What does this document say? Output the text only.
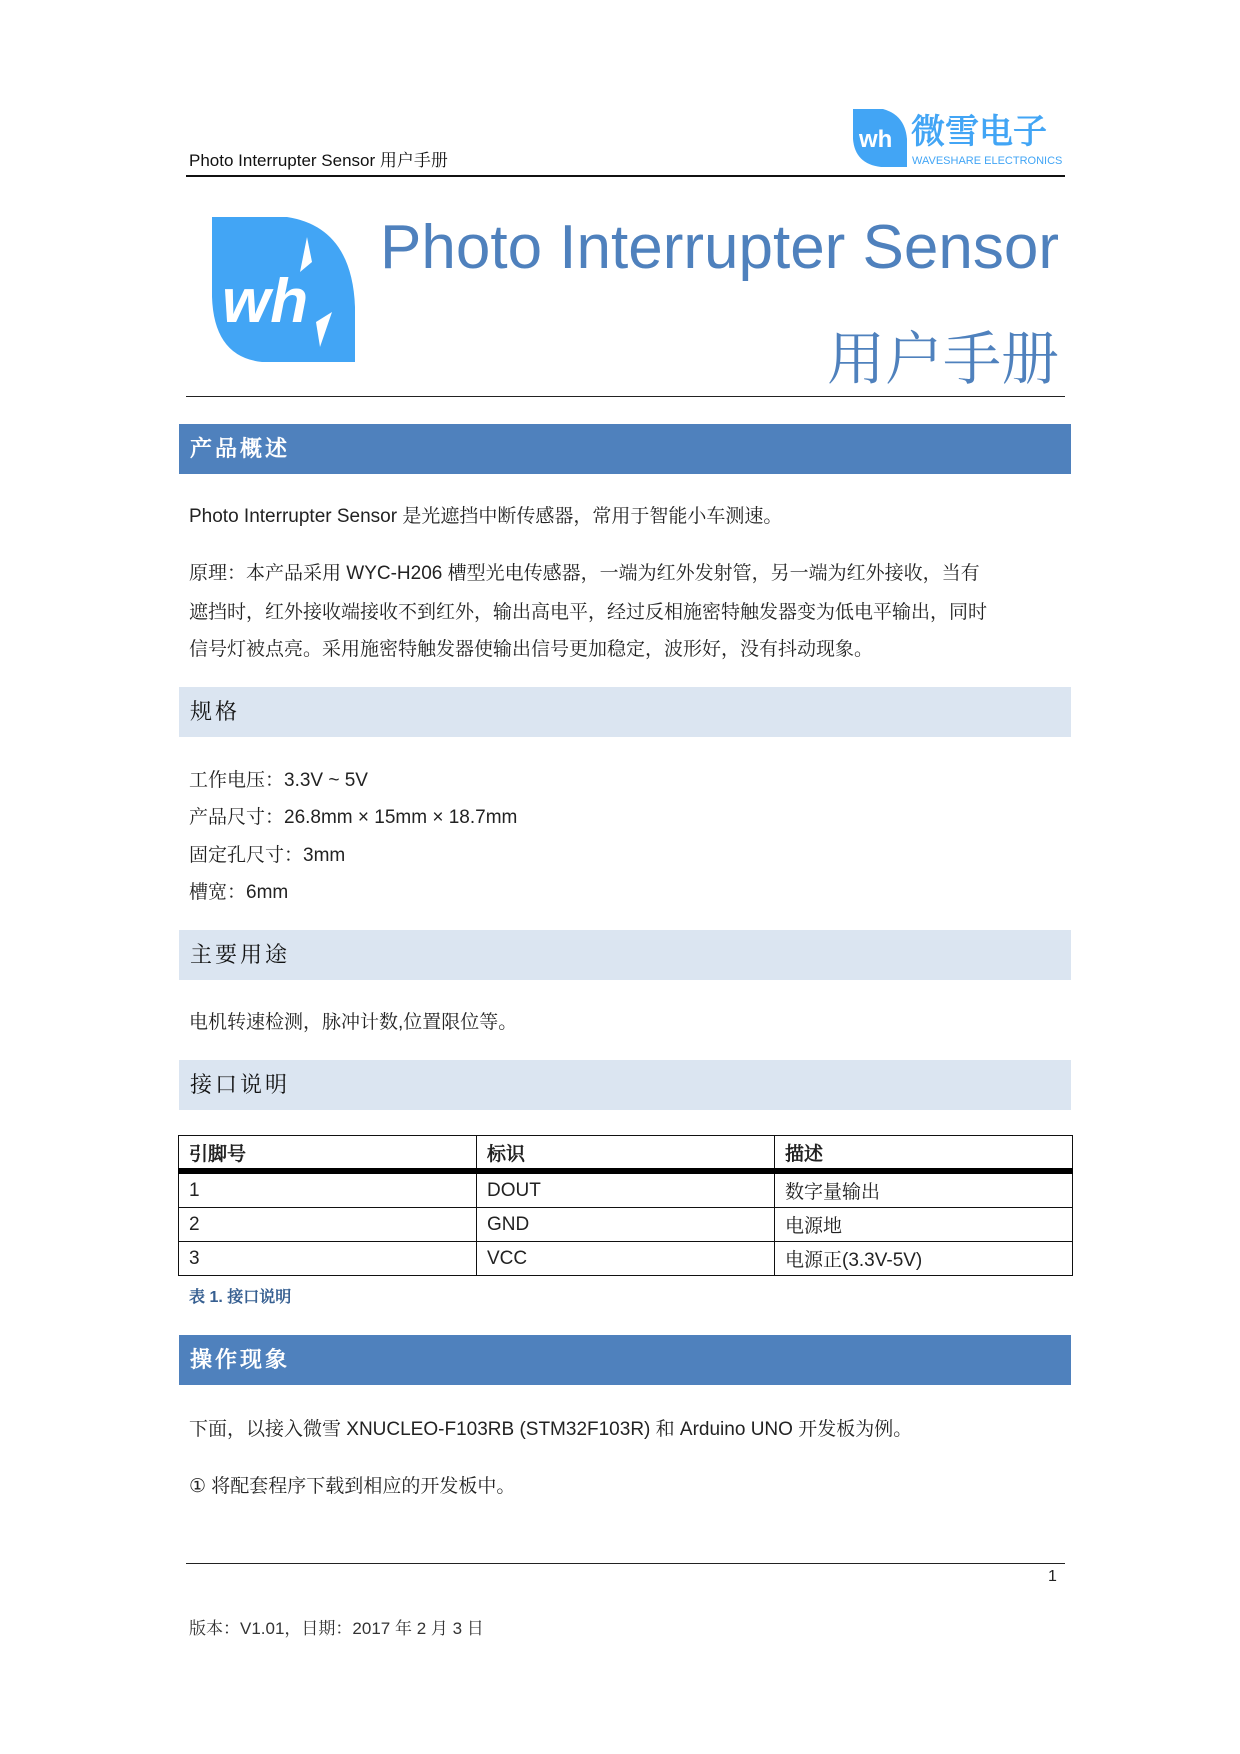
Photo Interrupter Sensor 用户手册
wh 微雪电子
WAVESHARE ELECTRONICS
wh
Photo Interrupter Sensor
用户手册
产品概述
Photo Interrupter Sensor 是光遮挡中断传感器，常用于智能小车测速。
原理：本产品采用 WYC-H206 槽型光电传感器，一端为红外发射管，另一端为红外接收，当有
遮挡时，红外接收端接收不到红外，输出高电平，经过反相施密特触发器变为低电平输出，同时
信号灯被点亮。采用施密特触发器使输出信号更加稳定，波形好，没有抖动现象。
规格
工作电压：3.3V ~ 5V
产品尺寸：26.8mm × 15mm × 18.7mm
固定孔尺寸：3mm
槽宽：6mm
主要用途
电机转速检测，脉冲计数,位置限位等。
接口说明
引脚号	标识	描述
1	DOUT	数字量输出
2	GND	电源地
3	VCC	电源正(3.3V-5V)
表 1. 接口说明
操作现象
下面，以接入微雪 XNUCLEO-F103RB (STM32F103R) 和 Arduino UNO 开发板为例。
① 将配套程序下载到相应的开发板中。
1
版本：V1.01，日期：2017 年 2 月 3 日
